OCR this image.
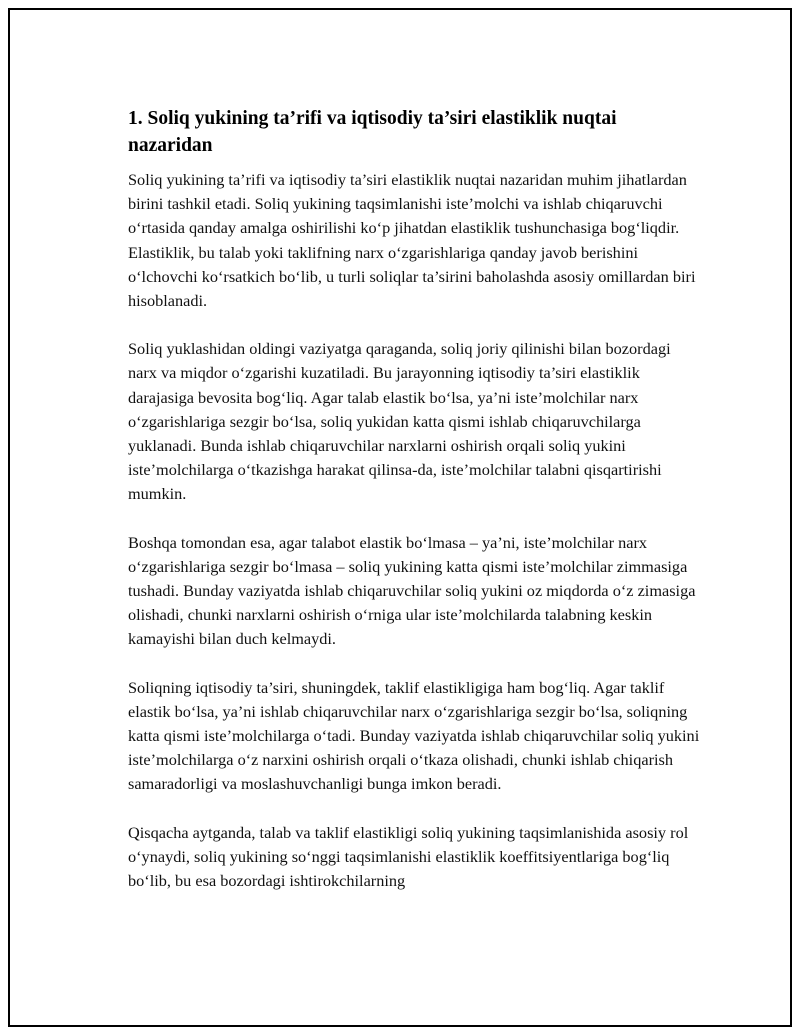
1. Soliq yukining ta’rifi va iqtisodiy ta’siri elastiklik nuqtai nazaridan

Soliq yukining ta’rifi va iqtisodiy ta’siri elastiklik nuqtai nazaridan muhim jihatlardan birini tashkil etadi. Soliq yukining taqsimlanishi iste’molchi va ishlab chiqaruvchi o‘rtasida qanday amalga oshirilishi ko‘p jihatdan elastiklik tushunchasiga bog‘liqdir. Elastiklik, bu talab yoki taklifning narx o‘zgarishlariga qanday javob berishini o‘lchovchi ko‘rsatkich bo‘lib, u turli soliqlar ta’sirini baholashda asosiy omillardan biri hisoblanadi.

Soliq yuklashidan oldingi vaziyatga qaraganda, soliq joriy qilinishi bilan bozordagi narx va miqdor o‘zgarishi kuzatiladi. Bu jarayonning iqtisodiy ta’siri elastiklik darajasiga bevosita bog‘liq. Agar talab elastik bo‘lsa, ya’ni iste’molchilar narx o‘zgarishlariga sezgir bo‘lsa, soliq yukidan katta qismi ishlab chiqaruvchilarga yuklanadi. Bunda ishlab chiqaruvchilar narxlarni oshirish orqali soliq yukini iste’molchilarga o‘tkazishga harakat qilinsa-da, iste’molchilar talabni qisqartirishi mumkin.

Boshqa tomondan esa, agar talabot elastik bo‘lmasa – ya’ni, iste’molchilar narx o‘zgarishlariga sezgir bo‘lmasa – soliq yukining katta qismi iste’molchilar zimmasiga tushadi. Bunday vaziyatda ishlab chiqaruvchilar soliq yukini oz miqdorda o‘z zimasiga olishadi, chunki narxlarni oshirish o‘rniga ular iste’molchilarda talabning keskin kamayishi bilan duch kelmaydi.

Soliqning iqtisodiy ta’siri, shuningdek, taklif elastikligiga ham bog‘liq. Agar taklif elastik bo‘lsa, ya’ni ishlab chiqaruvchilar narx o‘zgarishlariga sezgir bo‘lsa, soliqning katta qismi iste’molchilarga o‘tadi. Bunday vaziyatda ishlab chiqaruvchilar soliq yukini iste’molchilarga o‘z narxini oshirish orqali o‘tkaza olishadi, chunki ishlab chiqarish samaradorligi va moslashuvchanligi bunga imkon beradi.

Qisqacha aytganda, talab va taklif elastikligi soliq yukining taqsimlanishida asosiy rol o‘ynaydi, soliq yukining so‘nggi taqsimlanishi elastiklik koeffitsiyentlariga bog‘liq bo‘lib, bu esa bozordagi ishtirokchilarning
